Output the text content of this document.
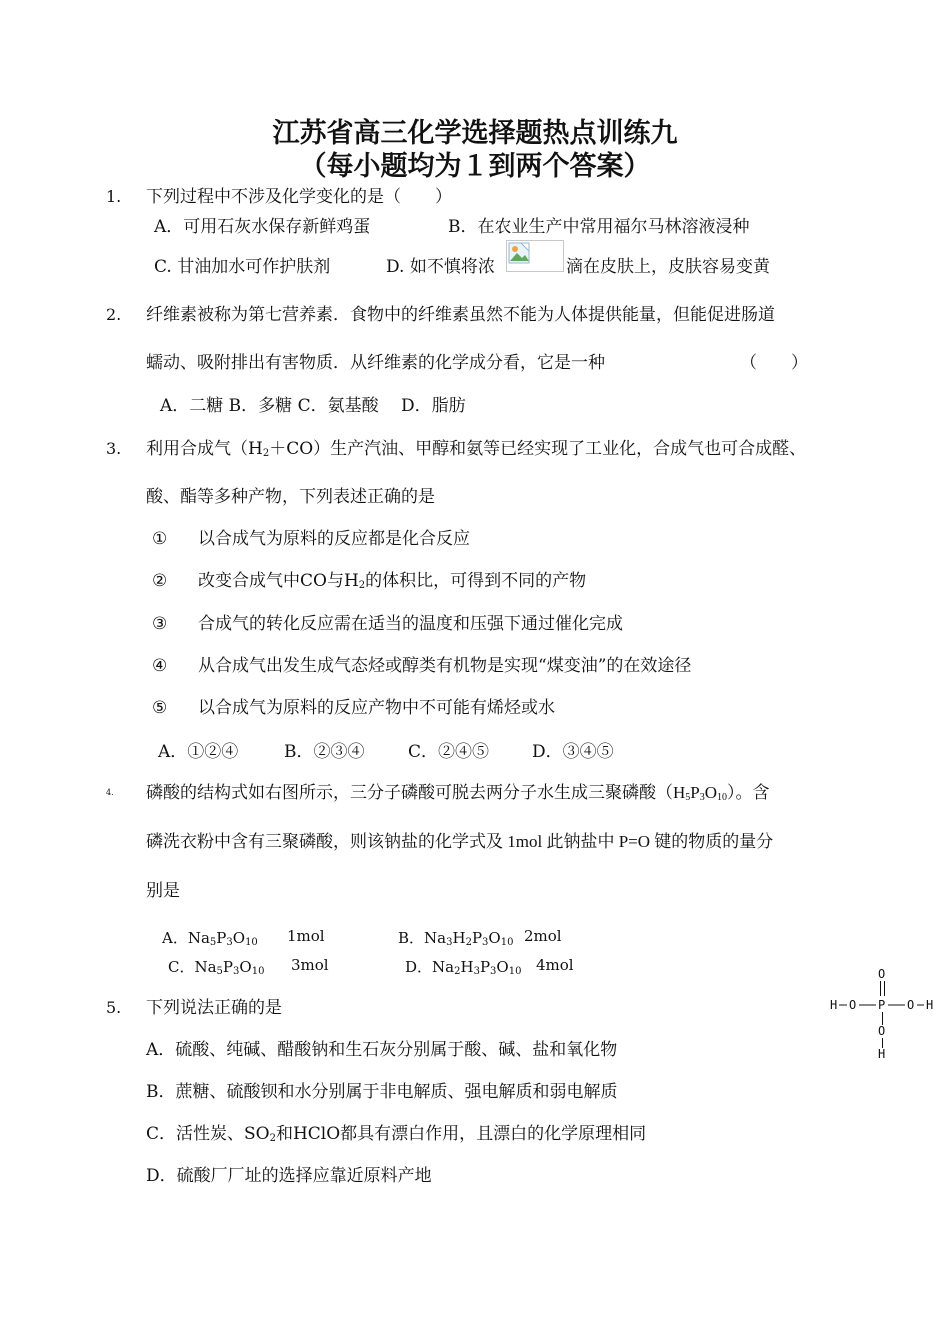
江苏省高三化学选择题热点训练九
（每小题均为１到两个答案）
1. 下列过程中不涉及化学变化的是（　　）
A．可用石灰水保存新鲜鸡蛋	B．在农业生产中常用福尔马林溶液浸种
C. 甘油加水可作护肤剂	D. 如不慎将浓	滴在皮肤上，皮肤容易变黄
2. 纤维素被称为第七营养素．食物中的纤维素虽然不能为人体提供能量，但能促进肠道
蠕动、吸附排出有害物质．从纤维素的化学成分看，它是一种	（　　）
A．二糖 B．多糖 C．氨基酸　 D．脂肪
3. 利用合成气$(H_2+CO)$生产汽油、甲醇和氨等已经实现了工业化，合成气也可合成醛、
酸、酯等多种产物，下列表述正确的是
① 以合成气为原料的反应都是化合反应
② 改变合成气中CO与$H_2$的体积比，可得到不同的产物
③ 合成气的转化反应需在适当的温度和压强下通过催化完成
④ 从合成气出发生成气态烃或醇类有机物是实现“煤变油”的在效途径
⑤ 以合成气为原料的反应产物中不可能有烯烃或水
A．①②④	B．②③④	C．②④⑤	D．③④⑤
4. 磷酸的结构式如右图所示，三分子磷酸可脱去两分子水生成三聚磷酸$(H_5P_3O_{10})$。含
磷洗衣粉中含有三聚磷酸，则该钠盐的化学式及 1mol 此钠盐中 P=O 键的物质的量分
别是
A．$Na_5P_3O_{10}$ 1mol	B．$Na_3H_2P_3O_{10}$ 2mol
C．$Na_5P_3O_{10}$ 3mol	D．$Na_2H_3P_3O_{10}$ 4mol	O
P
H O	O H
O
H
5. 下列说法正确的是
A．硫酸、纯碱、醋酸钠和生石灰分别属于酸、碱、盐和氧化物
B．蔗糖、硫酸钡和水分别属于非电解质、强电解质和弱电解质
C．活性炭、$SO_2$和HClO都具有漂白作用，且漂白的化学原理相同
D．硫酸厂厂址的选择应靠近原料产地
